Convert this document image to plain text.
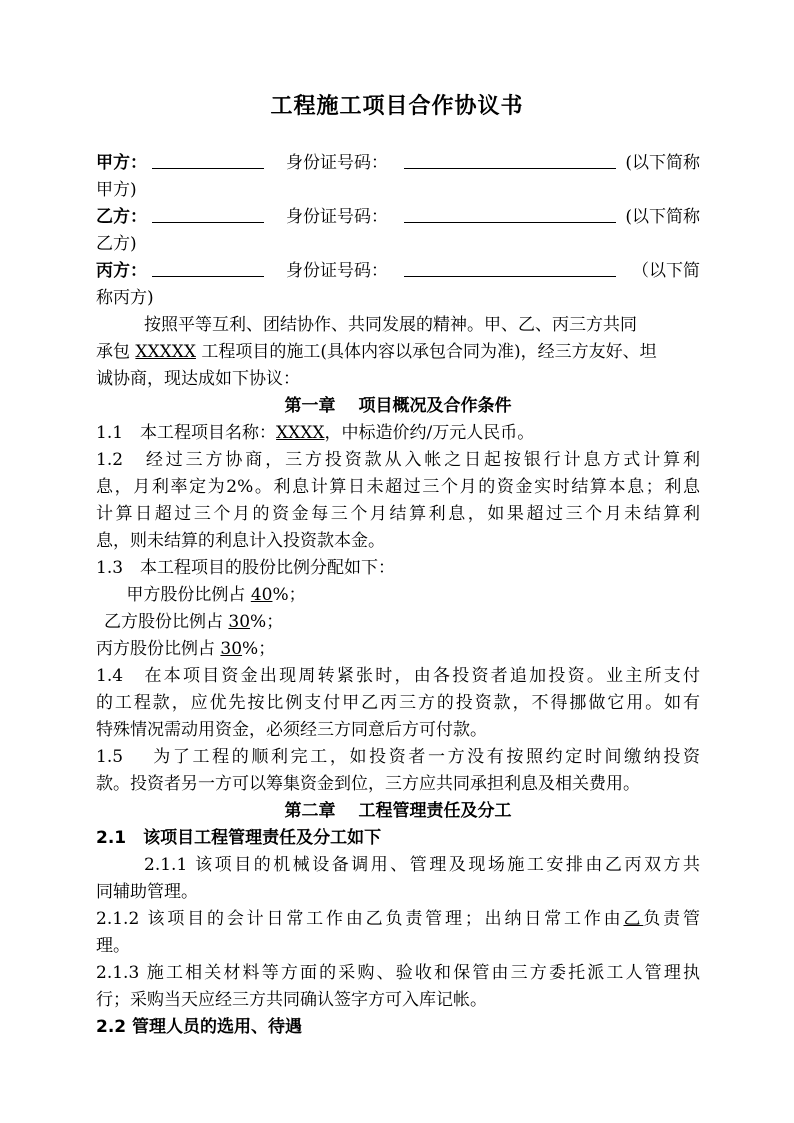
工程施工项目合作协议书
甲方：	身份证号码：	(以下简称
甲方)
乙方：	身份证号码：	(以下简称
乙方)
丙方：	身份证号码：	（以下简
称丙方)
按照平等互利、团结协作、共同发展的精神。甲、乙、丙三方共同
承包 XXXXX 工程项目的施工(具体内容以承包合同为准)，经三方友好、坦
诚协商，现达成如下协议：
第一章　 项目概况及合作条件
1.1　本工程项目名称：XXXX，中标造价约/万元人民币。
1.2　经过三方协商，三方投资款从入帐之日起按银行计息方式计算利
息，月利率定为2%。利息计算日未超过三个月的资金实时结算本息；利息
计算日超过三个月的资金每三个月结算利息，如果超过三个月未结算利
息，则未结算的利息计入投资款本金。
1.3　本工程项目的股份比例分配如下：
　 甲方股份比例占 40%；
乙方股份比例占 30%；
丙方股份比例占 30%；
1.4　在本项目资金出现周转紧张时，由各投资者追加投资。业主所支付
的工程款，应优先按比例支付甲乙丙三方的投资款，不得挪做它用。如有
特殊情况需动用资金，必须经三方同意后方可付款。
1.5　 为了工程的顺利完工，如投资者一方没有按照约定时间缴纳投资
款。投资者另一方可以筹集资金到位，三方应共同承担利息及相关费用。
第二章　 工程管理责任及分工
2.1　该项目工程管理责任及分工如下
2.1.1 该项目的机械设备调用、管理及现场施工安排由乙丙双方共
同辅助管理。
2.1.2 该项目的会计日常工作由乙负责管理；出纳日常工作由乙负责管
理。
2.1.3 施工相关材料等方面的采购、验收和保管由三方委托派工人管理执
行；采购当天应经三方共同确认签字方可入库记帐。
2.2 管理人员的选用、待遇
